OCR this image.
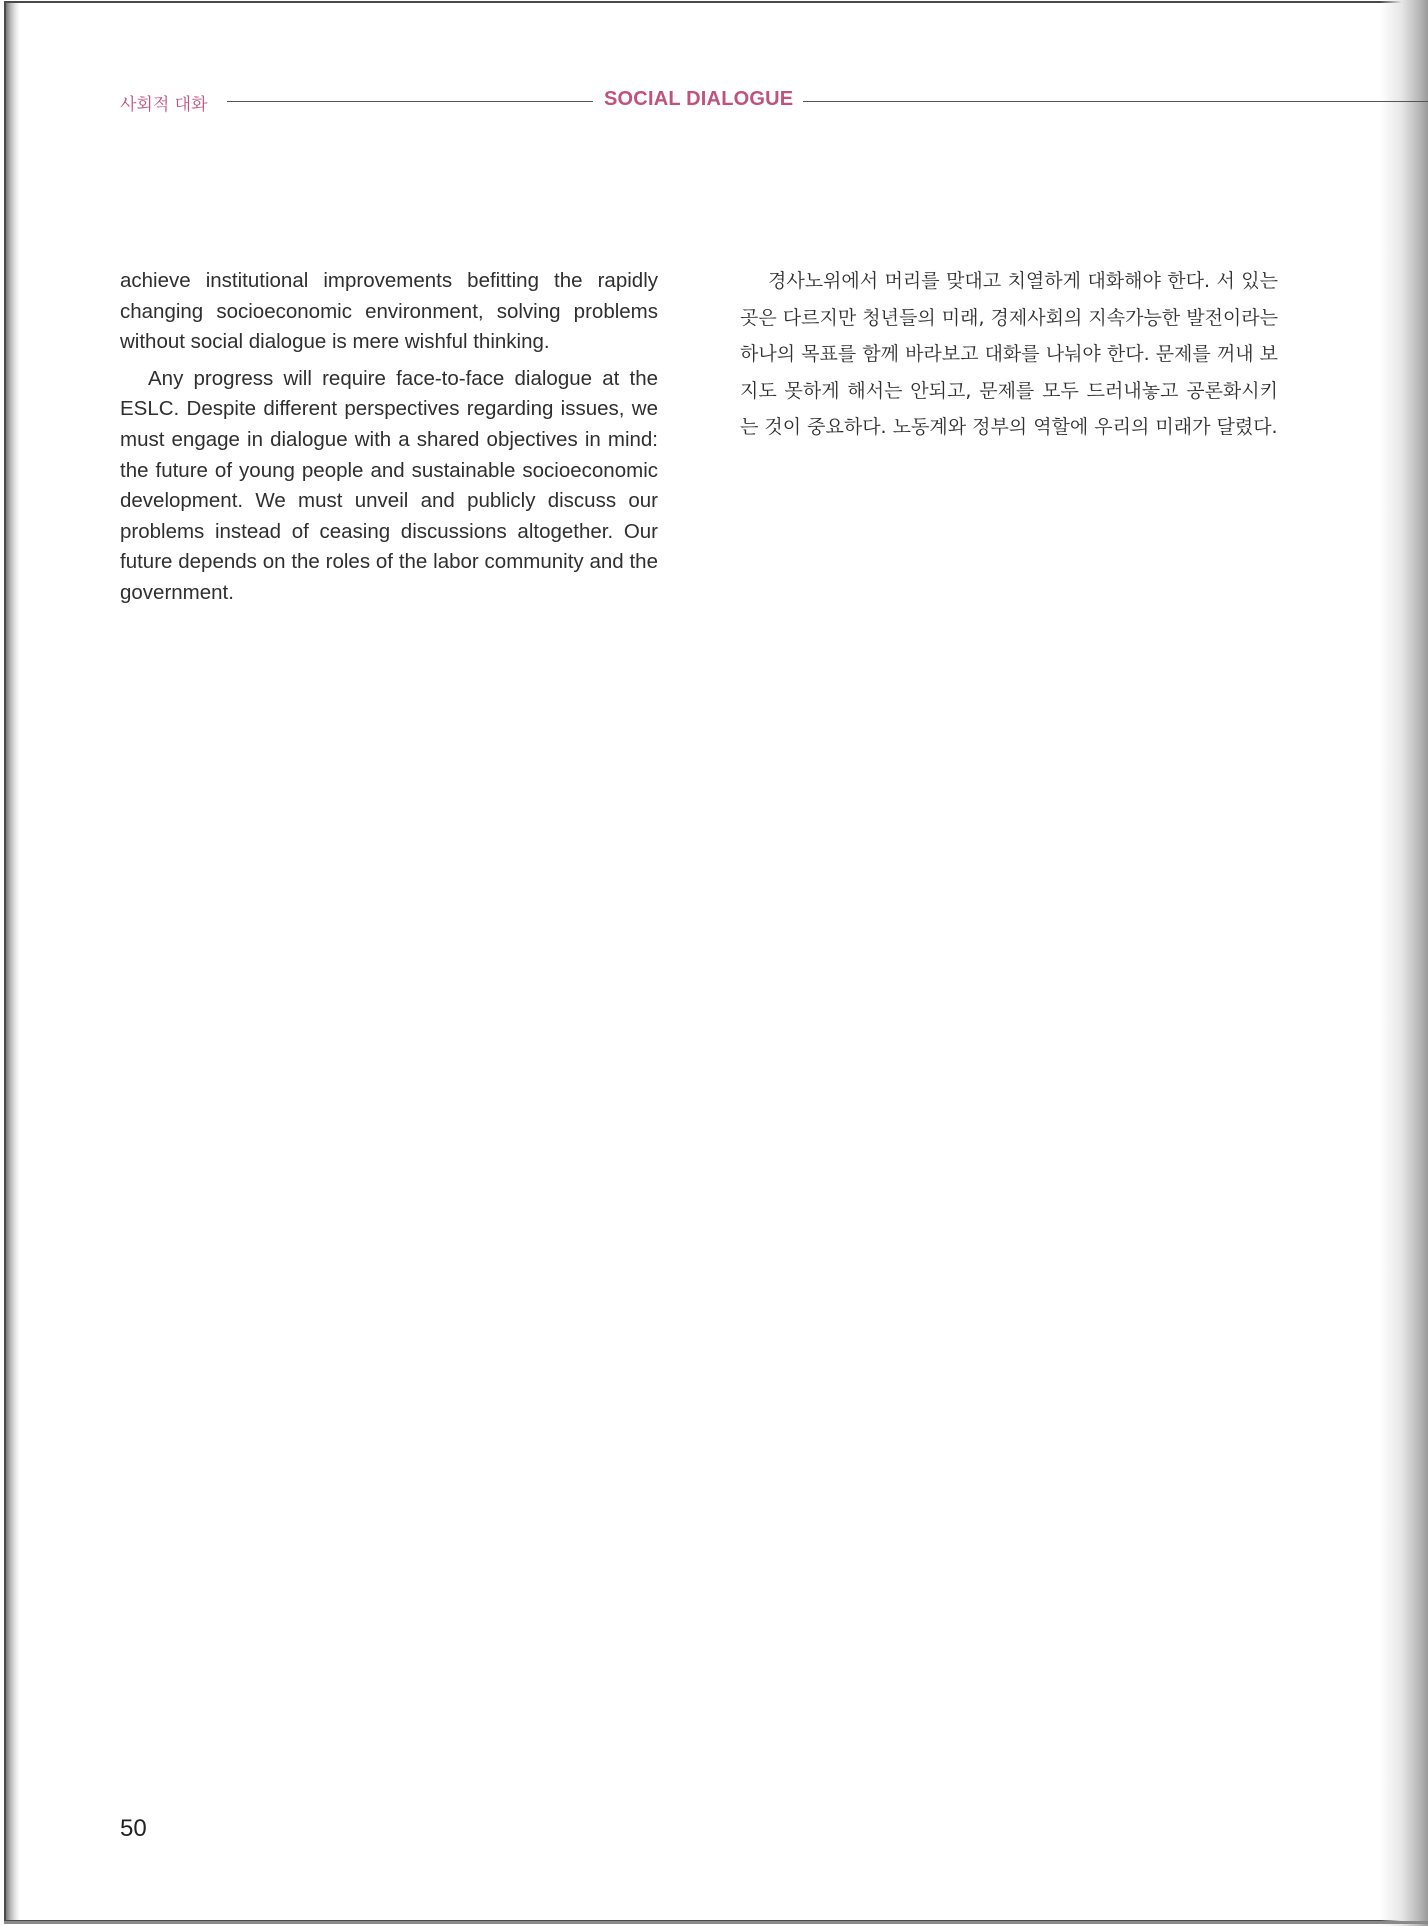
사회적 대화	SOCIAL DIALOGUE

achieve institutional improvements befitting the rapidly changing socioeconomic environment, solving problems without social dialogue is mere wishful thinking.

Any progress will require face-to-face dialogue at the ESLC. Despite different perspectives regarding issues, we must engage in dialogue with a shared objectives in mind: the future of young people and sustainable socioeconomic development. We must unveil and publicly discuss our problems instead of ceasing discussions altogether. Our future depends on the roles of the labor community and the government.

경사노위에서 머리를 맞대고 치열하게 대화해야 한다. 서 있는 곳은 다르지만 청년들의 미래, 경제사회의 지속가능한 발전이라는 하나의 목표를 함께 바라보고 대화를 나눠야 한다. 문제를 꺼내 보지도 못하게 해서는 안되고, 문제를 모두 드러내놓고 공론화시키는 것이 중요하다. 노동계와 정부의 역할에 우리의 미래가 달렸다.

50
